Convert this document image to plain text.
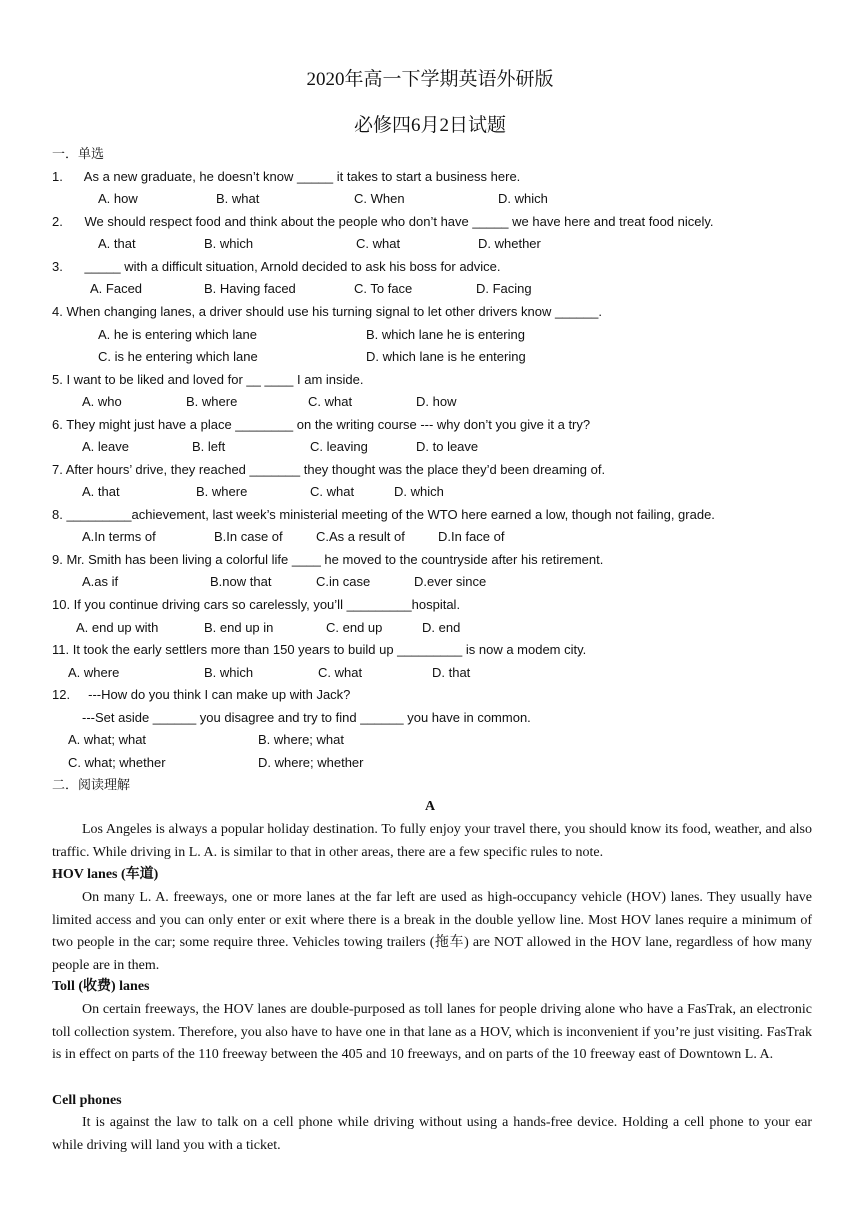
2020年高一下学期英语外研版
必修四6月2日试题
一．单选
1.      As a new graduate, he doesn’t know _____ it takes to start a business here.
A. how	B. what	C. When	D. which
2.      We should respect food and think about the people who don’t have _____ we have here and treat food nicely.
A. that	B. which	C. what	D. whether
3.      _____ with a difficult situation, Arnold decided to ask his boss for advice.
A. Faced	B. Having faced	C. To face	D. Facing
4. When changing lanes, a driver should use his turning signal to let other drivers know ______.
A. he is entering which lane	B. which lane he is entering
C. is he entering which lane	D. which lane is he entering
5. I want to be liked and loved for __ ____ I am inside.
A. who	B. where	C. what	D. how
6. They might just have a place ________ on the writing course --- why don’t you give it a try?
A. leave	B. left	C. leaving	D. to leave
7. After hours’ drive, they reached _______ they thought was the place they’d been dreaming of.
A. that	B. where	C. what	D. which
8. _________achievement, last week’s ministerial meeting of the WTO here earned a low, though not failing, grade.
A.In terms of	B.In case of	C.As a result of	D.In face of
9. Mr. Smith has been living a colorful life ____ he moved to the countryside after his retirement.
A.as if	B.now that	C.in case	D.ever since
10. If you continue driving cars so carelessly, you’ll _________hospital.
A. end up with	B. end up in	C. end up	D. end
11. It took the early settlers more than 150 years to build up _________ is now a modem city.
A. where	B. which	C. what	D. that
12.     ---How do you think I can make up with Jack?
---Set aside ______ you disagree and try to find ______ you have in common.
A. what; what	B. where; what
C. what; whether	D. where; whether
二．阅读理解
A

Los Angeles is always a popular holiday destination. To fully enjoy your travel there, you should know its food, weather, and also traffic. While driving in L. A. is similar to that in other areas, there are a few specific rules to note.

HOV lanes (车道)

On many L. A. freeways, one or more lanes at the far left are used as high-occupancy vehicle (HOV) lanes. They usually have limited access and you can only enter or exit where there is a break in the double yellow line. Most HOV lanes require a minimum of two people in the car; some require three. Vehicles towing trailers (拖车) are NOT allowed in the HOV lane, regardless of how many people are in them.

Toll (收费) lanes

On certain freeways, the HOV lanes are double-purposed as toll lanes for people driving alone who have a FasTrak, an electronic toll collection system. Therefore, you also have to have one in that lane as a HOV, which is inconvenient if you’re just visiting. FasTrak is in effect on parts of the 110 freeway between the 405 and 10 freeways, and on parts of the 10 freeway east of Downtown L. A.

Cell phones

It is against the law to talk on a cell phone while driving without using a hands-free device. Holding a cell phone to your ear while driving will land you with a ticket.
